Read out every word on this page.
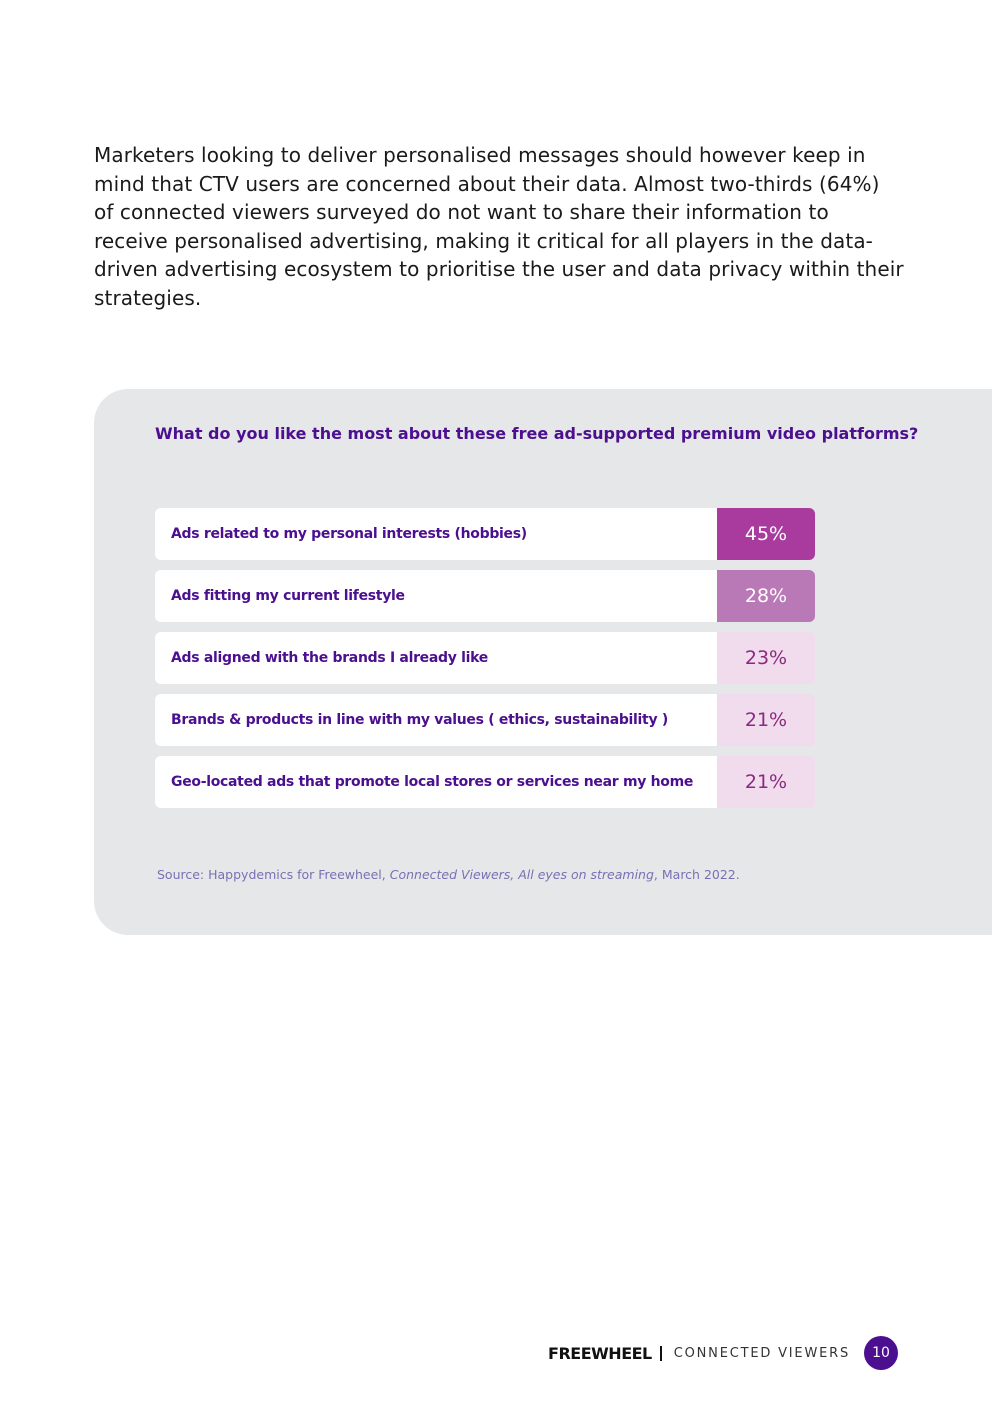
Marketers looking to deliver personalised messages should however keep in mind that CTV users are concerned about their data. Almost two-thirds (64%) of connected viewers surveyed do not want to share their information to receive personalised advertising, making it critical for all players in the data-driven advertising ecosystem to prioritise the user and data privacy within their strategies.

What do you like the most about these free ad-supported premium video platforms?
Ads related to my personal interests (hobbies)	45%
Ads fitting my current lifestyle	28%
Ads aligned with the brands I already like	23%
Brands & products in line with my values ( ethics, sustainability )	21%
Geo-located ads that promote local stores or services near my home	21%

Source: Happydemics for Freewheel, Connected Viewers, All eyes on streaming, March 2022.

FREEWHEEL CONNECTED VIEWERS	10
